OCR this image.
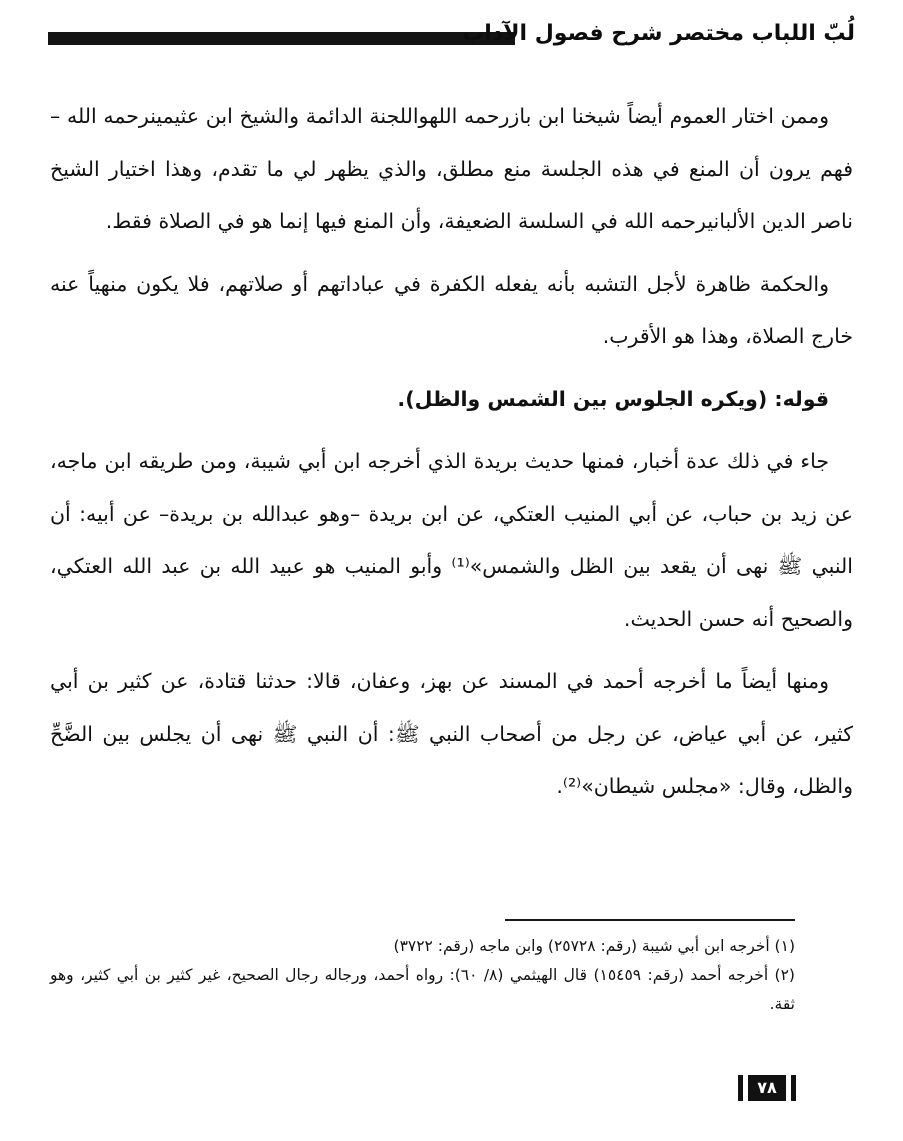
لُبّ اللباب مختصر شرح فصول الآداب

وممن اختار العموم أيضاً شيخنا ابن بازرحمه اللهواللجنة الدائمة والشيخ ابن عثيمينرحمه الله – فهم يرون أن المنع في هذه الجلسة منع مطلق، والذي يظهر لي ما تقدم، وهذا اختيار الشيخ ناصر الدين الألبانيرحمه الله في السلسة الضعيفة، وأن المنع فيها إنما هو في الصلاة فقط.

والحكمة ظاهرة لأجل التشبه بأنه يفعله الكفرة في عباداتهم أو صلاتهم، فلا يكون منهياً عنه خارج الصلاة، وهذا هو الأقرب.

قوله: (ويكره الجلوس بين الشمس والظل).

جاء في ذلك عدة أخبار، فمنها حديث بريدة الذي أخرجه ابن أبي شيبة، ومن طريقه ابن ماجه، عن زيد بن حباب، عن أبي المنيب العتكي، عن ابن بريدة –وهو عبدالله بن بريدة– عن أبيه: أن النبي ﷺ نهى أن يقعد بين الظل والشمس»⁽¹⁾ وأبو المنيب هو عبيد الله بن عبد الله العتكي، والصحيح أنه حسن الحديث.

ومنها أيضاً ما أخرجه أحمد في المسند عن بهز، وعفان، قالا: حدثنا قتادة، عن كثير بن أبي كثير، عن أبي عياض، عن رجل من أصحاب النبي ﷺ: أن النبي ﷺ نهى أن يجلس بين الضَّحِّ والظل، وقال: «مجلس شيطان»⁽²⁾.

(١) أخرجه ابن أبي شيبة (رقم: ٢٥٧٢٨) وابن ماجه (رقم: ٣٧٢٢)

(٢) أخرجه أحمد (رقم: ١٥٤٥٩) قال الهيثمي (٨/ ٦٠): رواه أحمد، ورجاله رجال الصحيح، غير كثير بن أبي كثير، وهو ثقة.

٧٨
